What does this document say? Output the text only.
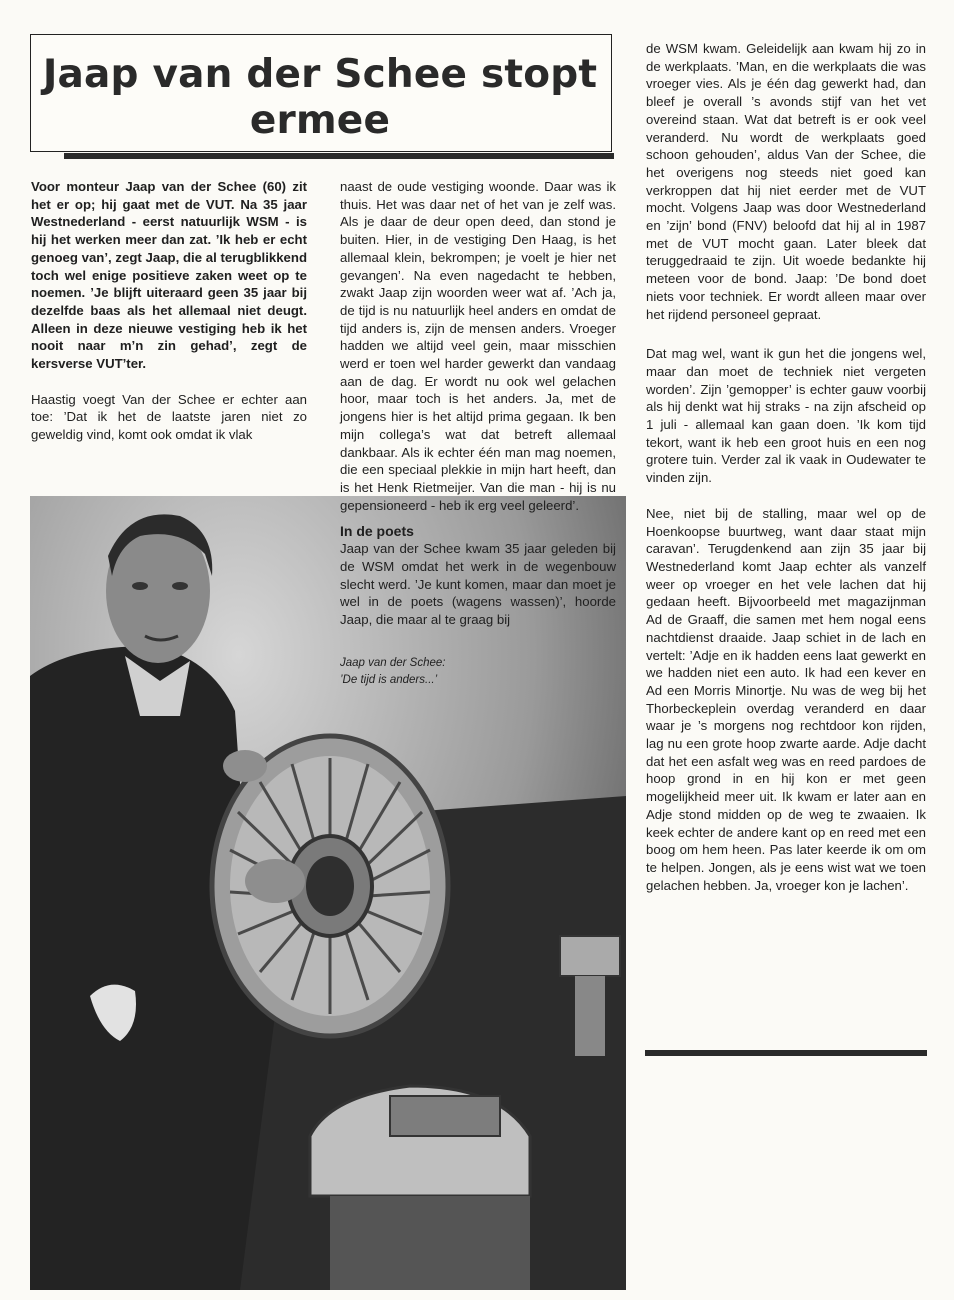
Jaap van der Schee stopt ermee

Voor monteur Jaap van der Schee (60) zit het er op; hij gaat met de VUT. Na 35 jaar Westnederland - eerst natuurlijk WSM - is hij het werken meer dan zat. ’Ik heb er echt genoeg van’, zegt Jaap, die al terugblikkend toch wel enige positieve zaken weet op te noemen. ’Je blijft uiteraard geen 35 jaar bij dezelfde baas als het allemaal niet deugt. Alleen in deze nieuwe vestiging heb ik het nooit naar m’n zin gehad’, zegt de kersverse VUT’ter.

Haastig voegt Van der Schee er echter aan toe: ’Dat ik het de laatste jaren niet zo geweldig vind, komt ook omdat ik vlak

naast de oude vestiging woonde. Daar was ik thuis. Het was daar net of het van je zelf was. Als je daar de deur open deed, dan stond je buiten. Hier, in de vestiging Den Haag, is het allemaal klein, bekrompen; je voelt je hier net gevangen’. Na even nagedacht te hebben, zwakt Jaap zijn woorden weer wat af. ’Ach ja, de tijd is nu natuurlijk heel anders en omdat de tijd anders is, zijn de mensen anders. Vroeger hadden we altijd veel gein, maar misschien werd er toen wel harder gewerkt dan vandaag aan de dag. Er wordt nu ook wel gelachen hoor, maar toch is het anders. Ja, met de jongens hier is het altijd prima gegaan. Ik ben mijn collega’s wat dat betreft allemaal dankbaar. Als ik echter één man mag noemen, die een speciaal plekkie in mijn hart heeft, dan is het Henk Rietmeijer. Van die man - hij is nu gepensioneerd - heb ik erg veel geleerd’.

In de poets

Jaap van der Schee kwam 35 jaar geleden bij de WSM omdat het werk in de wegenbouw slecht werd. ’Je kunt komen, maar dan moet je wel in de poets (wagens wassen)’, hoorde Jaap, die maar al te graag bij

Jaap van der Schee:
’De tijd is anders...’

de WSM kwam. Geleidelijk aan kwam hij zo in de werkplaats. ’Man, en die werkplaats die was vroeger vies. Als je één dag gewerkt had, dan bleef je overall ’s avonds stijf van het vet overeind staan. Wat dat betreft is er ook veel veranderd. Nu wordt de werkplaats goed schoon gehouden’, aldus Van der Schee, die het overigens nog steeds niet goed kan verkroppen dat hij niet eerder met de VUT mocht. Volgens Jaap was door Westnederland en ’zijn’ bond (FNV) beloofd dat hij al in 1987 met de VUT mocht gaan. Later bleek dat teruggedraaid te zijn. Uit woede bedankte hij meteen voor de bond. Jaap: ’De bond doet niets voor techniek. Er wordt alleen maar over het rijdend personeel gepraat.

Dat mag wel, want ik gun het die jongens wel, maar dan moet de techniek niet vergeten worden’. Zijn ’gemopper’ is echter gauw voorbij als hij denkt wat hij straks - na zijn afscheid op 1 juli - allemaal kan gaan doen. ’Ik kom tijd tekort, want ik heb een groot huis en een nog grotere tuin. Verder zal ik vaak in Oudewater te vinden zijn.

Nee, niet bij de stalling, maar wel op de Hoenkoopse buurtweg, want daar staat mijn caravan’. Terugdenkend aan zijn 35 jaar bij Westnederland komt Jaap echter als vanzelf weer op vroeger en het vele lachen dat hij gedaan heeft. Bijvoorbeeld met magazijnman Ad de Graaff, die samen met hem nogal eens nachtdienst draaide. Jaap schiet in de lach en vertelt: ’Adje en ik hadden eens laat gewerkt en we hadden niet een auto. Ik had een kever en Ad een Morris Minortje. Nu was de weg bij het Thorbeckeplein overdag veranderd en daar waar je ’s morgens nog rechtdoor kon rijden, lag nu een grote hoop zwarte aarde. Adje dacht dat het een asfalt weg was en reed pardoes de hoop grond in en hij kon er met geen mogelijkheid meer uit. Ik kwam er later aan en Adje stond midden op de weg te zwaaien. Ik keek echter de andere kant op en reed met een boog om hem heen. Pas later keerde ik om om te helpen. Jongen, als je eens wist wat we toen gelachen hebben. Ja, vroeger kon je lachen’.
